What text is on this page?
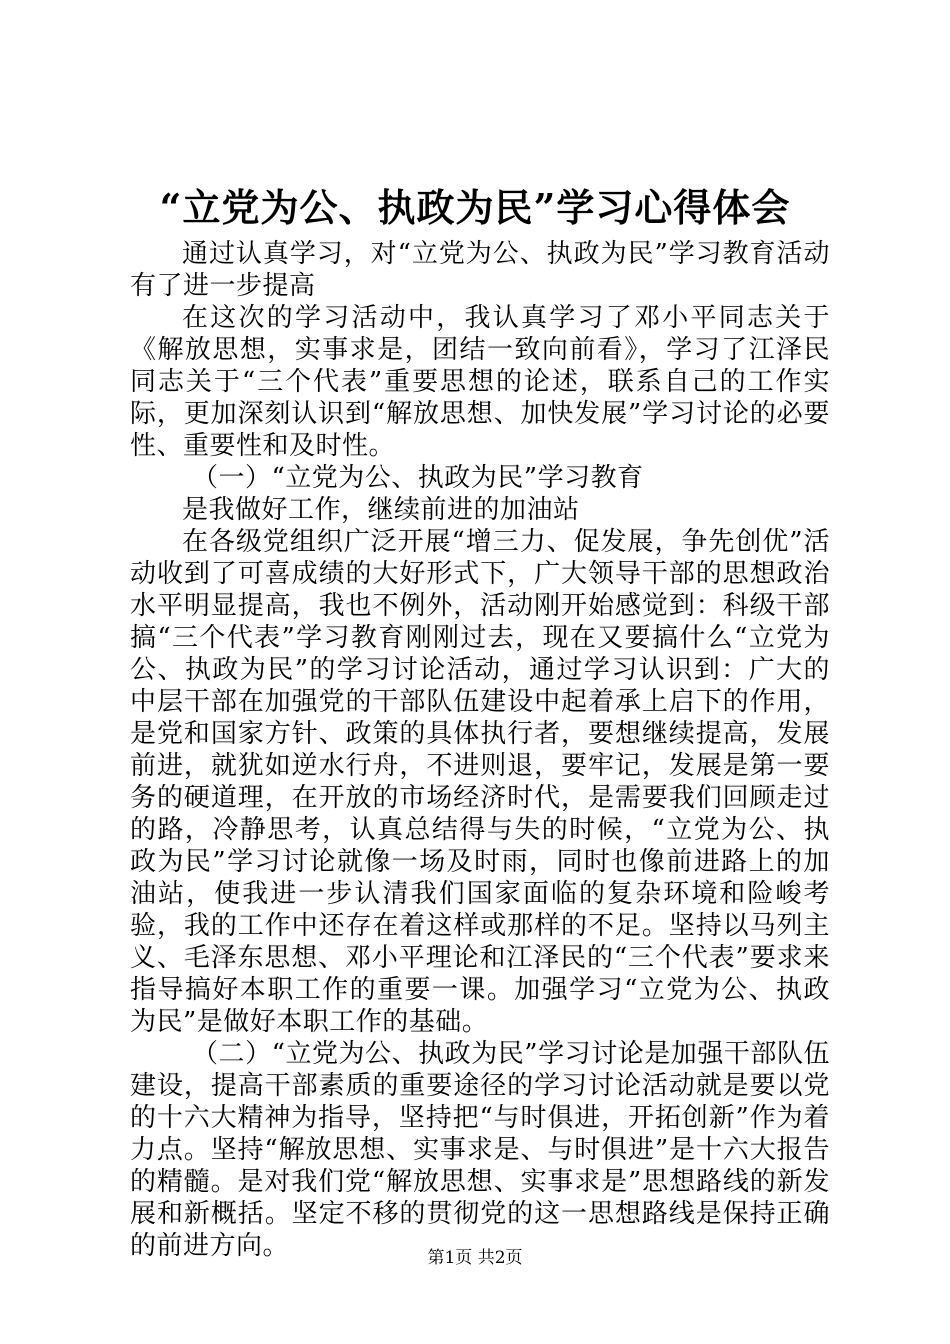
“立党为公、执政为民”学习心得体会

通过认真学习，对“立党为公、执政为民”学习教育活动有了进一步提高

在这次的学习活动中，我认真学习了邓小平同志关于《解放思想，实事求是，团结一致向前看》，学习了江泽民同志关于“三个代表”重要思想的论述，联系自己的工作实际，更加深刻认识到“解放思想、加快发展”学习讨论的必要性、重要性和及时性。

（一）“立党为公、执政为民”学习教育

是我做好工作，继续前进的加油站

在各级党组织广泛开展“增三力、促发展，争先创优”活动收到了可喜成绩的大好形式下，广大领导干部的思想政治水平明显提高，我也不例外，活动刚开始感觉到：科级干部搞“三个代表”学习教育刚刚过去，现在又要搞什么“立党为公、执政为民”的学习讨论活动，通过学习认识到：广大的中层干部在加强党的干部队伍建设中起着承上启下的作用，是党和国家方针、政策的具体执行者，要想继续提高，发展前进，就犹如逆水行舟，不进则退，要牢记，发展是第一要务的硬道理，在开放的市场经济时代，是需要我们回顾走过的路，冷静思考，认真总结得与失的时候，“立党为公、执政为民”学习讨论就像一场及时雨，同时也像前进路上的加油站，使我进一步认清我们国家面临的复杂环境和险峻考验，我的工作中还存在着这样或那样的不足。坚持以马列主义、毛泽东思想、邓小平理论和江泽民的“三个代表”要求来指导搞好本职工作的重要一课。加强学习“立党为公、执政为民”是做好本职工作的基础。

（二）“立党为公、执政为民”学习讨论是加强干部队伍建设，提高干部素质的重要途径的学习讨论活动就是要以党的十六大精神为指导，坚持把“与时俱进，开拓创新”作为着力点。坚持“解放思想、实事求是、与时俱进”是十六大报告的精髓。是对我们党“解放思想、实事求是”思想路线的新发展和新概括。坚定不移的贯彻党的这一思想路线是保持正确的前进方向。	第1页 共2页
